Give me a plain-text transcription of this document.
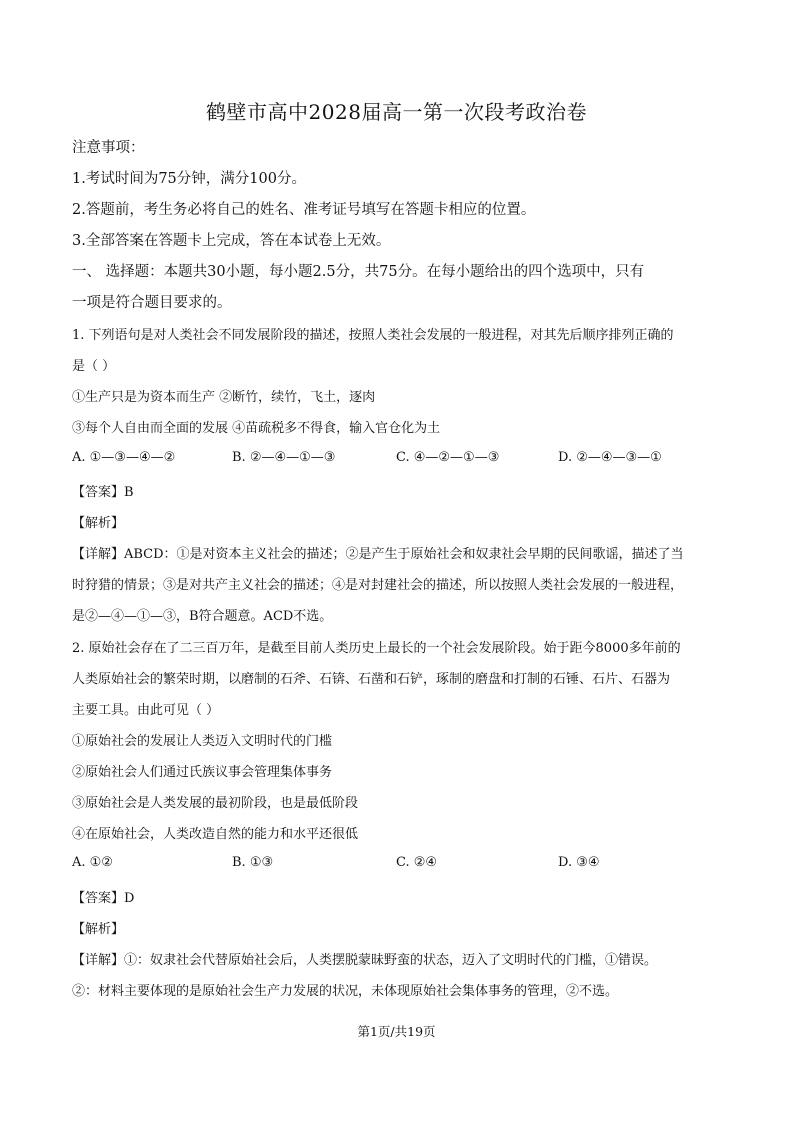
鹤壁市高中2028届高一第一次段考政治卷
注意事项：
1.考试时间为75分钟，满分100分。
2.答题前，考生务必将自己的姓名、准考证号填写在答题卡相应的位置。
3.全部答案在答题卡上完成，答在本试卷上无效。
一、 选择题：本题共30小题，每小题2.5分，共75分。在每小题给出的四个选项中，只有
一项是符合题目要求的。
1. 下列语句是对人类社会不同发展阶段的描述，按照人类社会发展的一般进程，对其先后顺序排列正确的
是（ ）
①生产只是为资本而生产 ②断竹，续竹，飞土，逐肉
③每个人自由而全面的发展 ④苗疏税多不得食，输入官仓化为土
A. ①—③—④—②	B. ②—④—①—③	C. ④—②—①—③	D. ②—④—③—①
【答案】B
【解析】
【详解】ABCD：①是对资本主义社会的描述；②是产生于原始社会和奴隶社会早期的民间歌谣，描述了当
时狩猎的情景；③是对共产主义社会的描述；④是对封建社会的描述，所以按照人类社会发展的一般进程，
是②—④—①—③，B符合题意。ACD不选。
2. 原始社会存在了二三百万年，是截至目前人类历史上最长的一个社会发展阶段。始于距今8000多年前的
人类原始社会的繁荣时期，以磨制的石斧、石锛、石凿和石铲，琢制的磨盘和打制的石锤、石片、石器为
主要工具。由此可见（ ）
①原始社会的发展让人类迈入文明时代的门槛
②原始社会人们通过氏族议事会管理集体事务
③原始社会是人类发展的最初阶段，也是最低阶段
④在原始社会，人类改造自然的能力和水平还很低
A. ①②	B. ①③	C. ②④	D. ③④
【答案】D
【解析】
【详解】①：奴隶社会代替原始社会后，人类摆脱蒙昧野蛮的状态，迈入了文明时代的门槛，①错误。
②：材料主要体现的是原始社会生产力发展的状况，未体现原始社会集体事务的管理，②不选。
第1页/共19页
